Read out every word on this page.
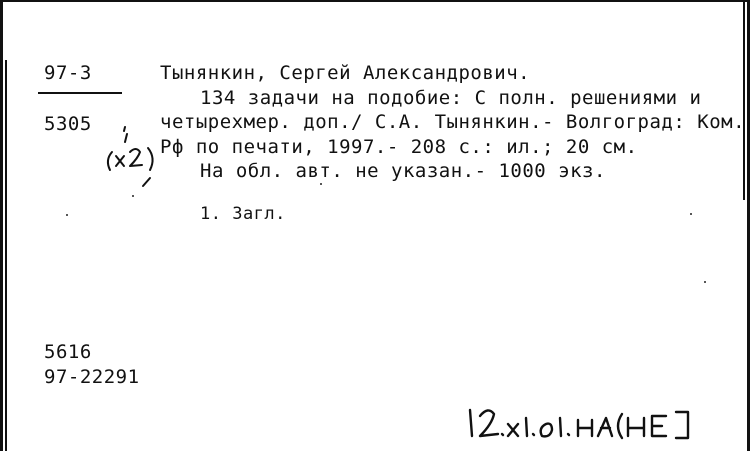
97-3
5305
Тынянкин, Сергей Александрович.
134 задачи на подобие: С полн. решениями и
четырехмер. доп./ С.А. Тынянкин.- Волгоград: Ком.
Рф по печати, 1997.- 208 с.: ил.; 20 см.
На обл. авт. не указан.- 1000 экз.
1. Загл.
5616
97-22291
